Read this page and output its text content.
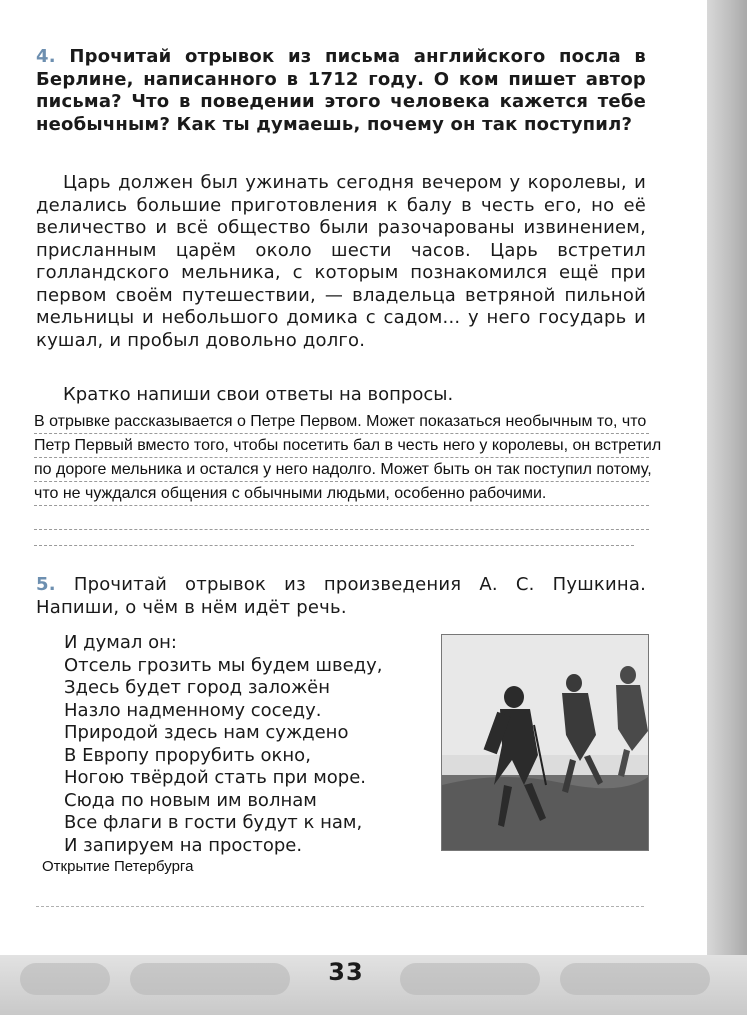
4. Прочитай отрывок из письма английского посла в Берлине, написанного в 1712 году. О ком пишет автор письма? Что в поведении этого человека кажется тебе необычным? Как ты думаешь, почему он так поступил?
Царь должен был ужинать сегодня вечером у королевы, и делались большие приготовления к балу в честь его, но её величество и всё общество были разочарованы извинением, присланным царём около шести часов. Царь встретил голландского мельника, с которым познакомился ещё при первом своём путешествии, — владельца ветряной пильной мельницы и небольшого домика с садом... у него государь и кушал, и пробыл довольно долго.
Кратко напиши свои ответы на вопросы.
В отрывке рассказывается о Петре Первом. Может показаться необычным то, что Петр Первый вместо того, чтобы посетить бал в честь него у королевы, он встретил по дороге мельника и остался у него надолго. Может быть он так поступил потому, что не чуждался общения с обычными людьми, особенно рабочими.
5. Прочитай отрывок из произведения А. С. Пушкина. Напиши, о чём в нём идёт речь.
И думал он:
Отсель грозить мы будем шведу,
Здесь будет город заложён
Назло надменному соседу.
Природой здесь нам суждено
В Европу прорубить окно,
Ногою твёрдой стать при море.
Сюда по новым им волнам
Все флаги в гости будут к нам,
И запируем на просторе.
Открытие Петербурга
33
